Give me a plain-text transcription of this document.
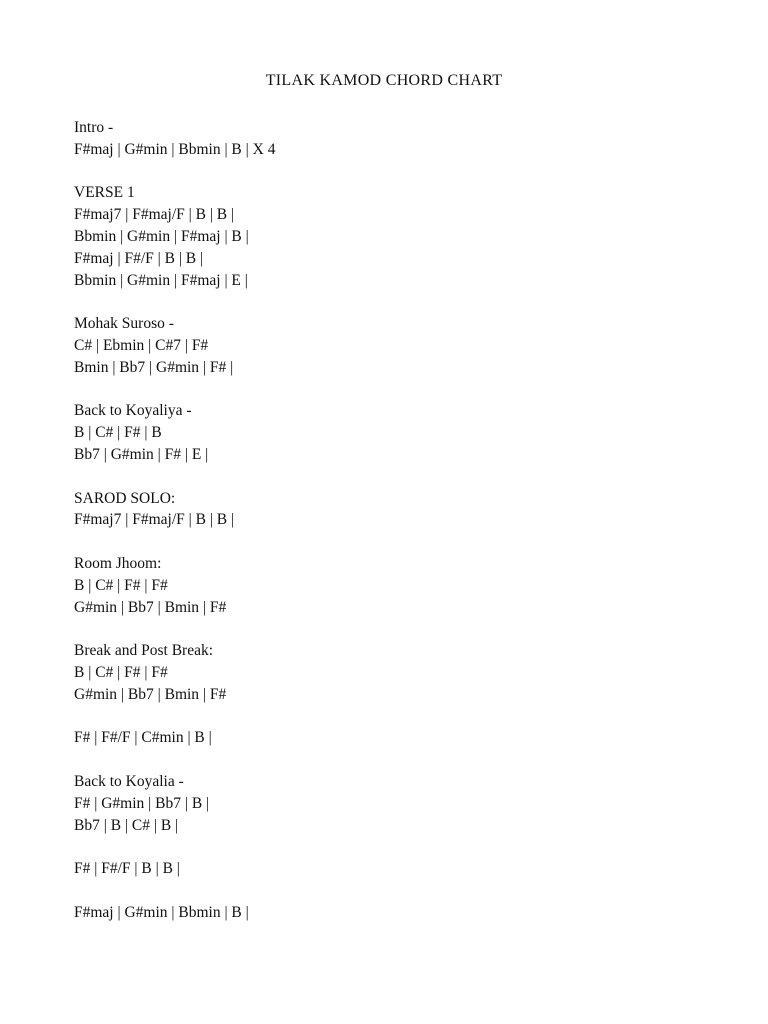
TILAK KAMOD CHORD CHART
Intro -
F#maj | G#min | Bbmin | B | X 4
VERSE 1
F#maj7 | F#maj/F | B | B |
Bbmin | G#min | F#maj | B |
F#maj | F#/F | B | B |
Bbmin | G#min | F#maj | E |
Mohak Suroso -
C# | Ebmin | C#7 | F#
Bmin | Bb7 | G#min | F# |
Back to Koyaliya -
B | C# | F# | B
Bb7 | G#min | F# | E |
SAROD SOLO:
F#maj7 | F#maj/F | B | B |
Room Jhoom:
B | C# | F# | F#
G#min | Bb7 | Bmin | F#
Break and Post Break:
B | C# | F# | F#
G#min | Bb7 | Bmin | F#
F# | F#/F | C#min | B |
Back to Koyalia -
F# | G#min | Bb7 | B |
Bb7 | B | C# | B |
F# | F#/F | B | B |
F#maj | G#min | Bbmin | B |
